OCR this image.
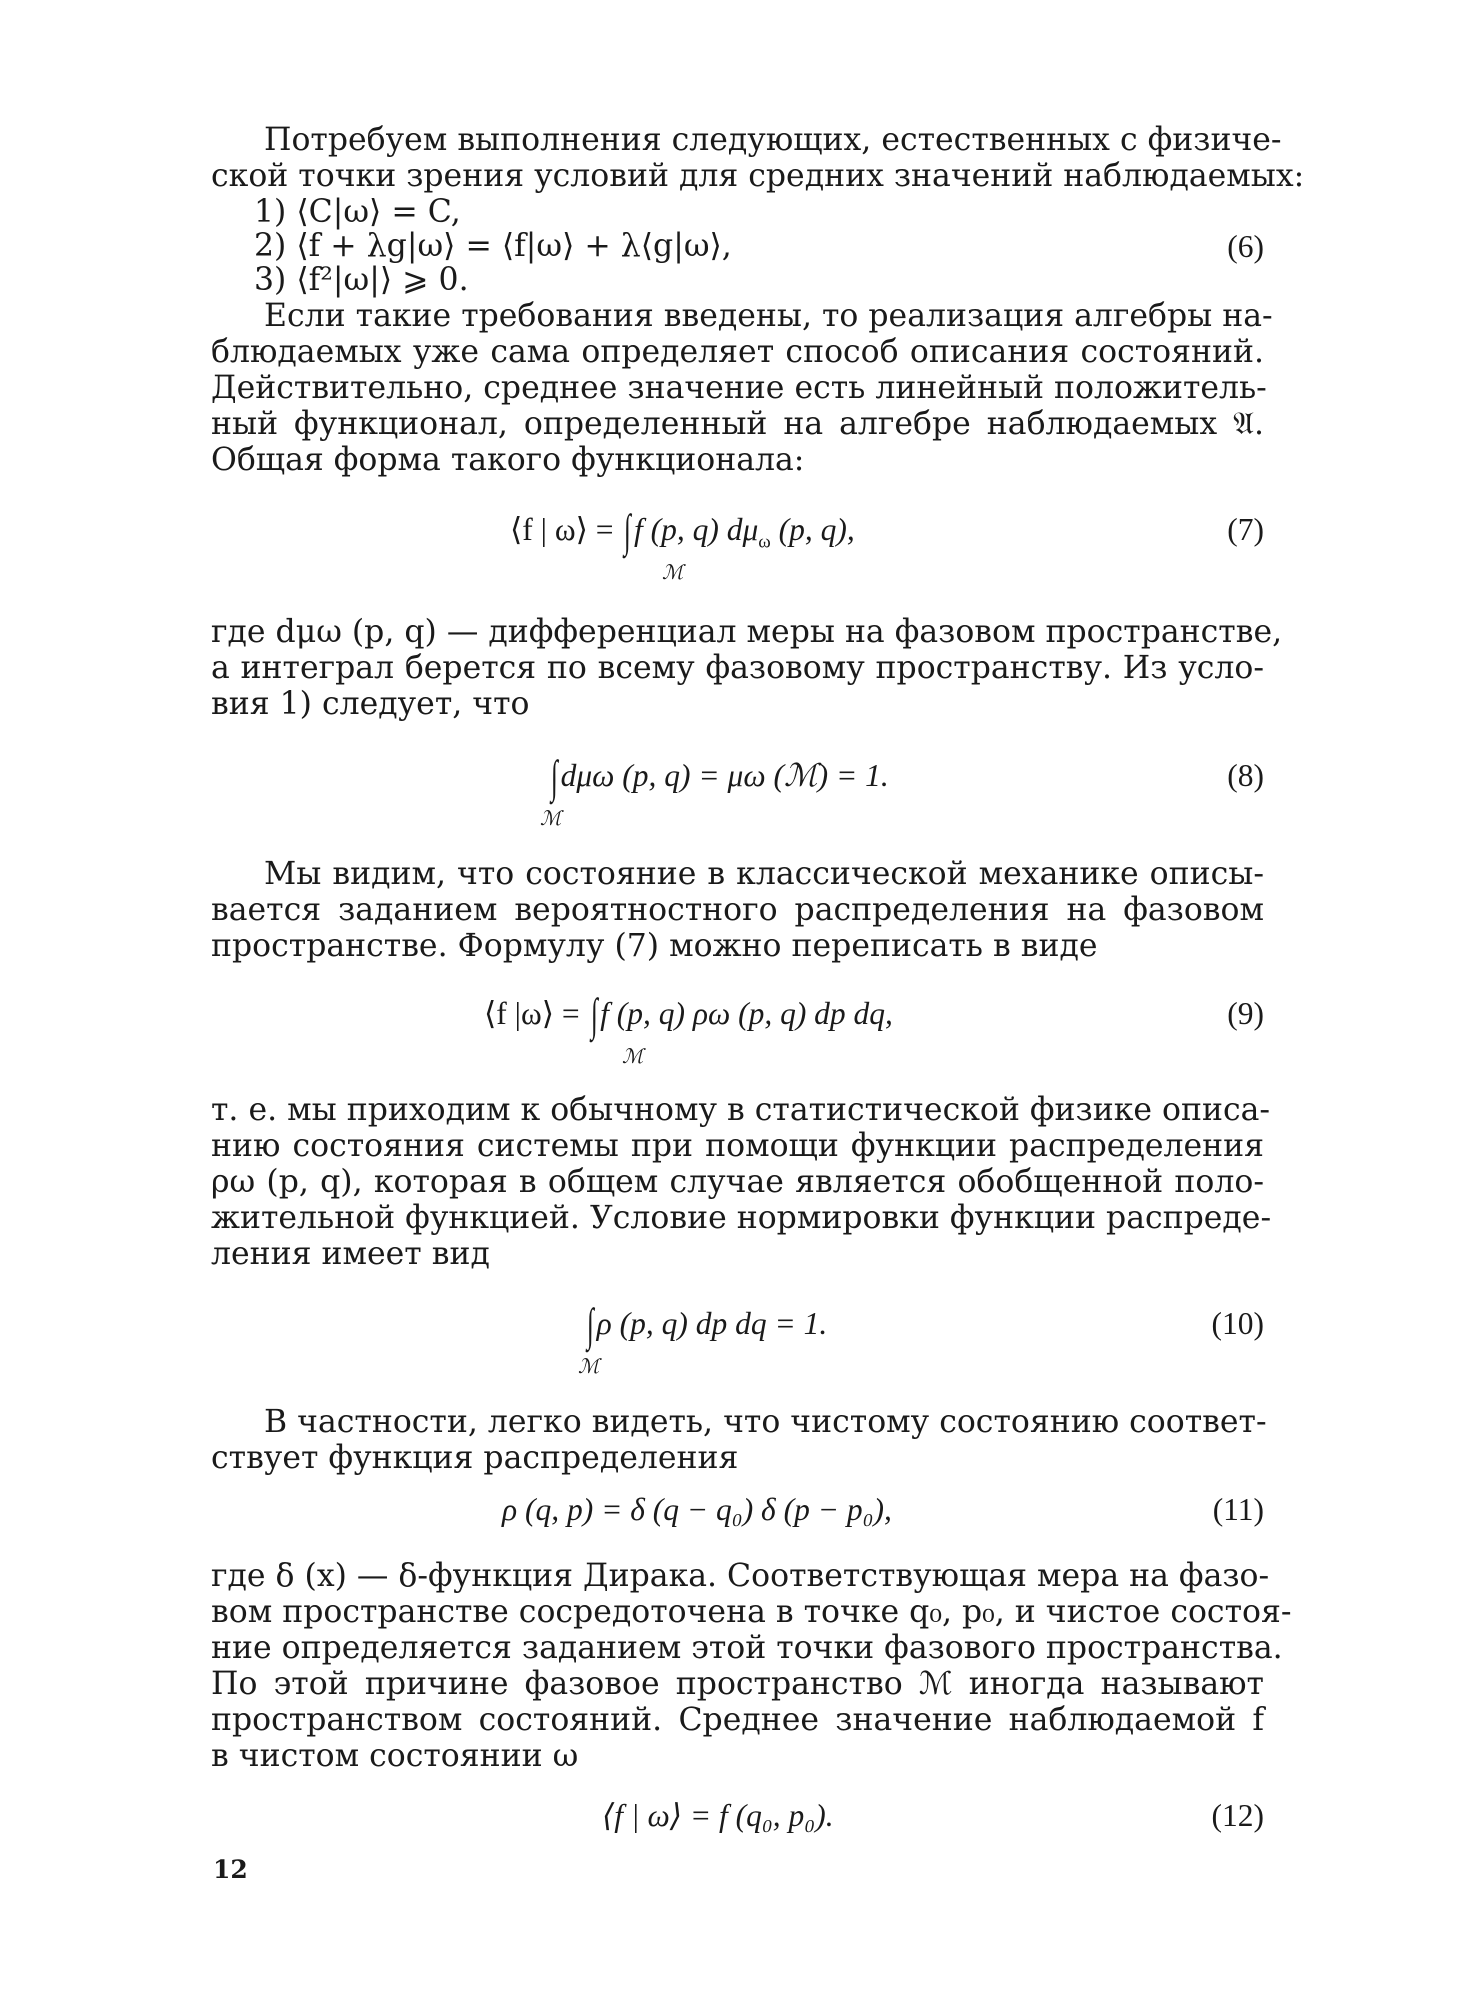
Потребуем выполнения следующих, естественных с физиче-
ской точки зрения условий для средних значений наблюдаемых:
1) ⟨C|ω⟩ = C,
2) ⟨f + λg|ω⟩ = ⟨f|ω⟩ + λ⟨g|ω⟩,
3) ⟨f²|ω|⟩ ⩾ 0.
(6)
Если такие требования введены, то реализация алгебры на-
блюдаемых уже сама определяет способ описания состояний.
Действительно, среднее значение есть линейный положитель-
ный функционал, определенный на алгебре наблюдаемых 𝔄.
Общая форма такого функционала:
⟨f | ω⟩ = ∫f (p, q) $d\mu_\omega$ (p, q),
ℳ
(7)
где dμω (p, q) — дифференциал меры на фазовом пространстве,
а интеграл берется по всему фазовому пространству. Из усло-
вия 1) следует, что
∫dμω (p, q) = μω (ℳ) = 1.
ℳ
(8)
Мы видим, что состояние в классической механике описы-
вается заданием вероятностного распределения на фазовом
пространстве. Формулу (7) можно переписать в виде
⟨f |ω⟩ = ∫f (p, q) ρω (p, q) dp dq,
ℳ
(9)
т. е. мы приходим к обычному в статистической физике описа-
нию состояния системы при помощи функции распределения
ρω (p, q), которая в общем случае является обобщенной поло-
жительной функцией. Условие нормировки функции распреде-
ления имеет вид
∫ρ (p, q) dp dq = 1.
ℳ
(10)
В частности, легко видеть, что чистому состоянию соответ-
ствует функция распределения
ρ (q, p) = δ (q − q₀) δ (p − p₀),	(11)
где δ (x) — δ-функция Дирака. Соответствующая мера на фазо-
вом пространстве сосредоточена в точке q₀, p₀, и чистое состоя-
ние определяется заданием этой точки фазового пространства.
По этой причине фазовое пространство ℳ иногда называют
пространством состояний. Среднее значение наблюдаемой f
в чистом состоянии ω
⟨f | ω⟩ = f (q₀, p₀).	(12)
12
